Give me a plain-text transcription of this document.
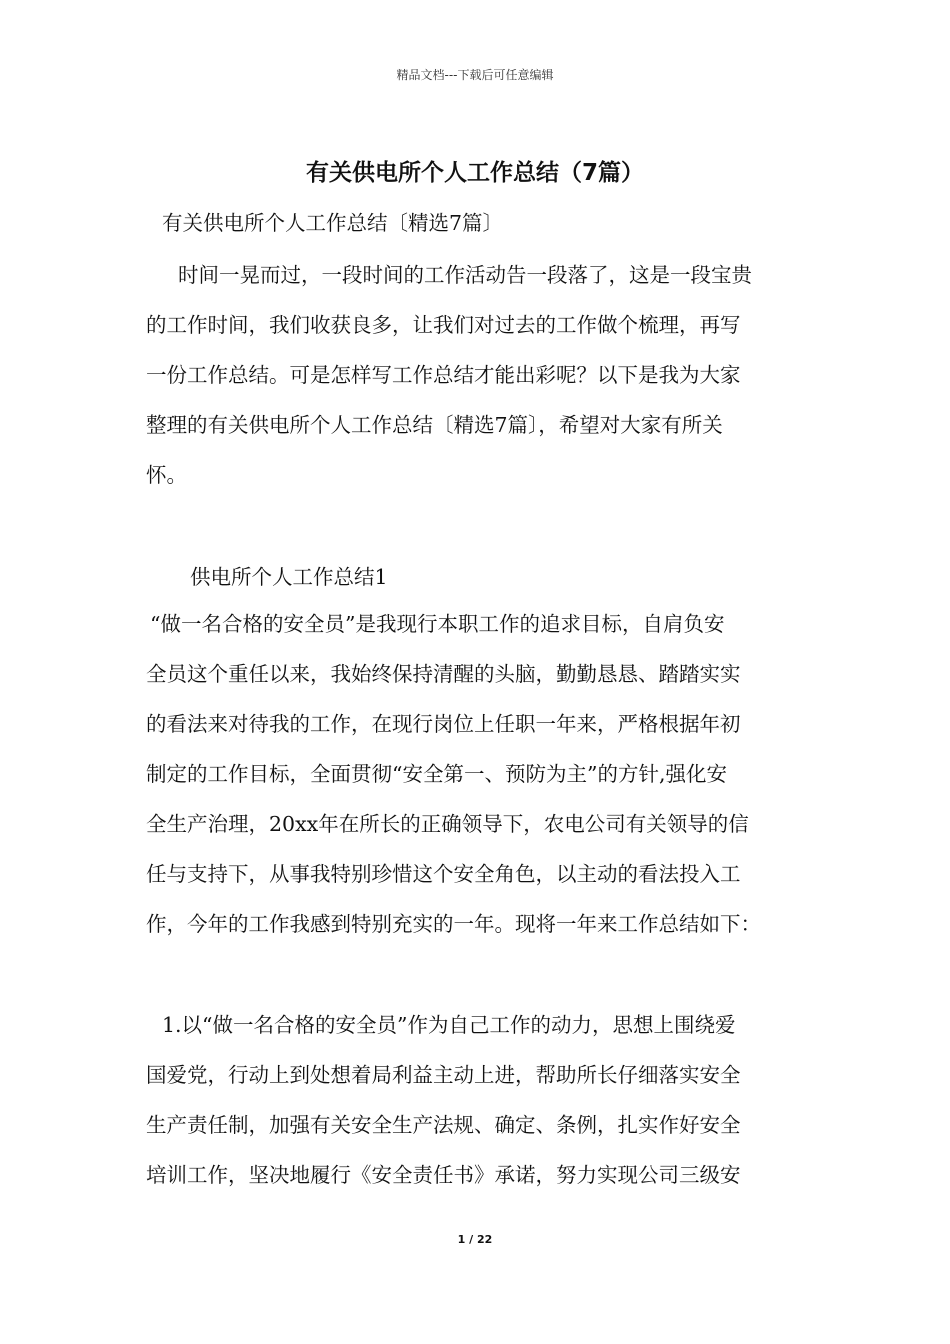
精品文档---下载后可任意编辑
有关供电所个人工作总结（7篇）
有关供电所个人工作总结〔精选7篇〕
时间一晃而过，一段时间的工作活动告一段落了，这是一段宝贵
的工作时间，我们收获良多，让我们对过去的工作做个梳理，再写
一份工作总结。可是怎样写工作总结才能出彩呢？以下是我为大家
整理的有关供电所个人工作总结〔精选7篇〕，希望对大家有所关
怀。
供电所个人工作总结1
“做一名合格的安全员”是我现行本职工作的追求目标，自肩负安
全员这个重任以来，我始终保持清醒的头脑，勤勤恳恳、踏踏实实
的看法来对待我的工作，在现行岗位上任职一年来，严格根据年初
制定的工作目标，全面贯彻“安全第一、预防为主”的方针,强化安
全生产治理，20xx年在所长的正确领导下，农电公司有关领导的信
任与支持下，从事我特别珍惜这个安全角色，以主动的看法投入工
作，今年的工作我感到特别充实的一年。现将一年来工作总结如下：
1.以“做一名合格的安全员”作为自己工作的动力，思想上围绕爱
国爱党，行动上到处想着局利益主动上进，帮助所长仔细落实安全
生产责任制，加强有关安全生产法规、确定、条例，扎实作好安全
培训工作，坚决地履行《安全责任书》承诺，努力实现公司三级安
1 / 22
